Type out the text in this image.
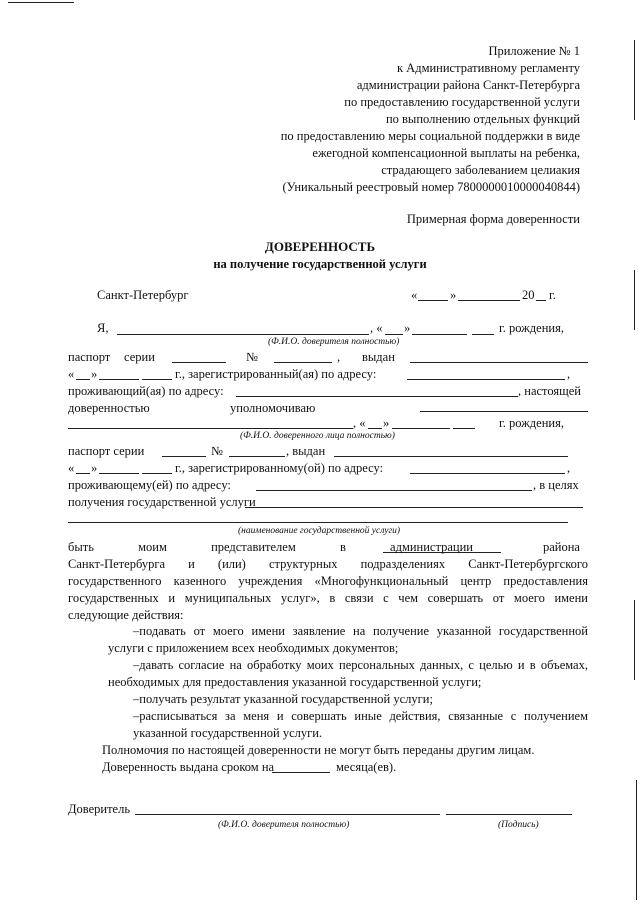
Приложение № 1
к Административному регламенту
администрации района Санкт-Петербурга
по предоставлению государственной услуги
по выполнению отдельных функций
по предоставлению меры социальной поддержки в виде
ежегодной компенсационной выплаты на ребенка,
страдающего заболеванием целиакия
(Уникальный реестровый номер 7800000010000040844)
Примерная форма доверенности
ДОВЕРЕННОСТЬ
на получение государственной услуги
Санкт-Петербург	«	»	20 г.
Я,	, « »	г. рождения,
(Ф.И.О. доверителя полностью)
паспорт серии	№	, выдан
« »	г., зарегистрированный(ая) по адресу:	,
проживающий(ая) по адресу:	, настоящей
доверенностью	уполномочиваю
, « »	г. рождения,
(Ф.И.О. доверенного лица полностью)
паспорт серии	№	, выдан
« »	г., зарегистрированному(ой) по адресу:	,
проживающему(ей) по адресу:	, в целях
получения государственной услуги
(наименование государственной услуги)
быть	моим	представителем	в	администрации	района
Санкт-Петербурга и (или) структурных подразделениях Санкт-Петербургского
государственного казенного учреждения «Многофункциональный центр предоставления
государственных и муниципальных услуг», в связи с чем совершать от моего имени
следующие действия:
–подавать от моего имени заявление на получение указанной государственной
услуги с приложением всех необходимых документов;
–давать согласие на обработку моих персональных данных, с целью и в объемах,
необходимых для предоставления указанной государственной услуги;
–получать результат указанной государственной услуги;
–расписываться за меня и совершать иные действия, связанные с получением
указанной государственной услуги.
Полномочия по настоящей доверенности не могут быть переданы другим лицам.
Доверенность выдана сроком на	месяца(ев).
Доверитель
(Ф.И.О. доверителя полностью)	(Подпись)
